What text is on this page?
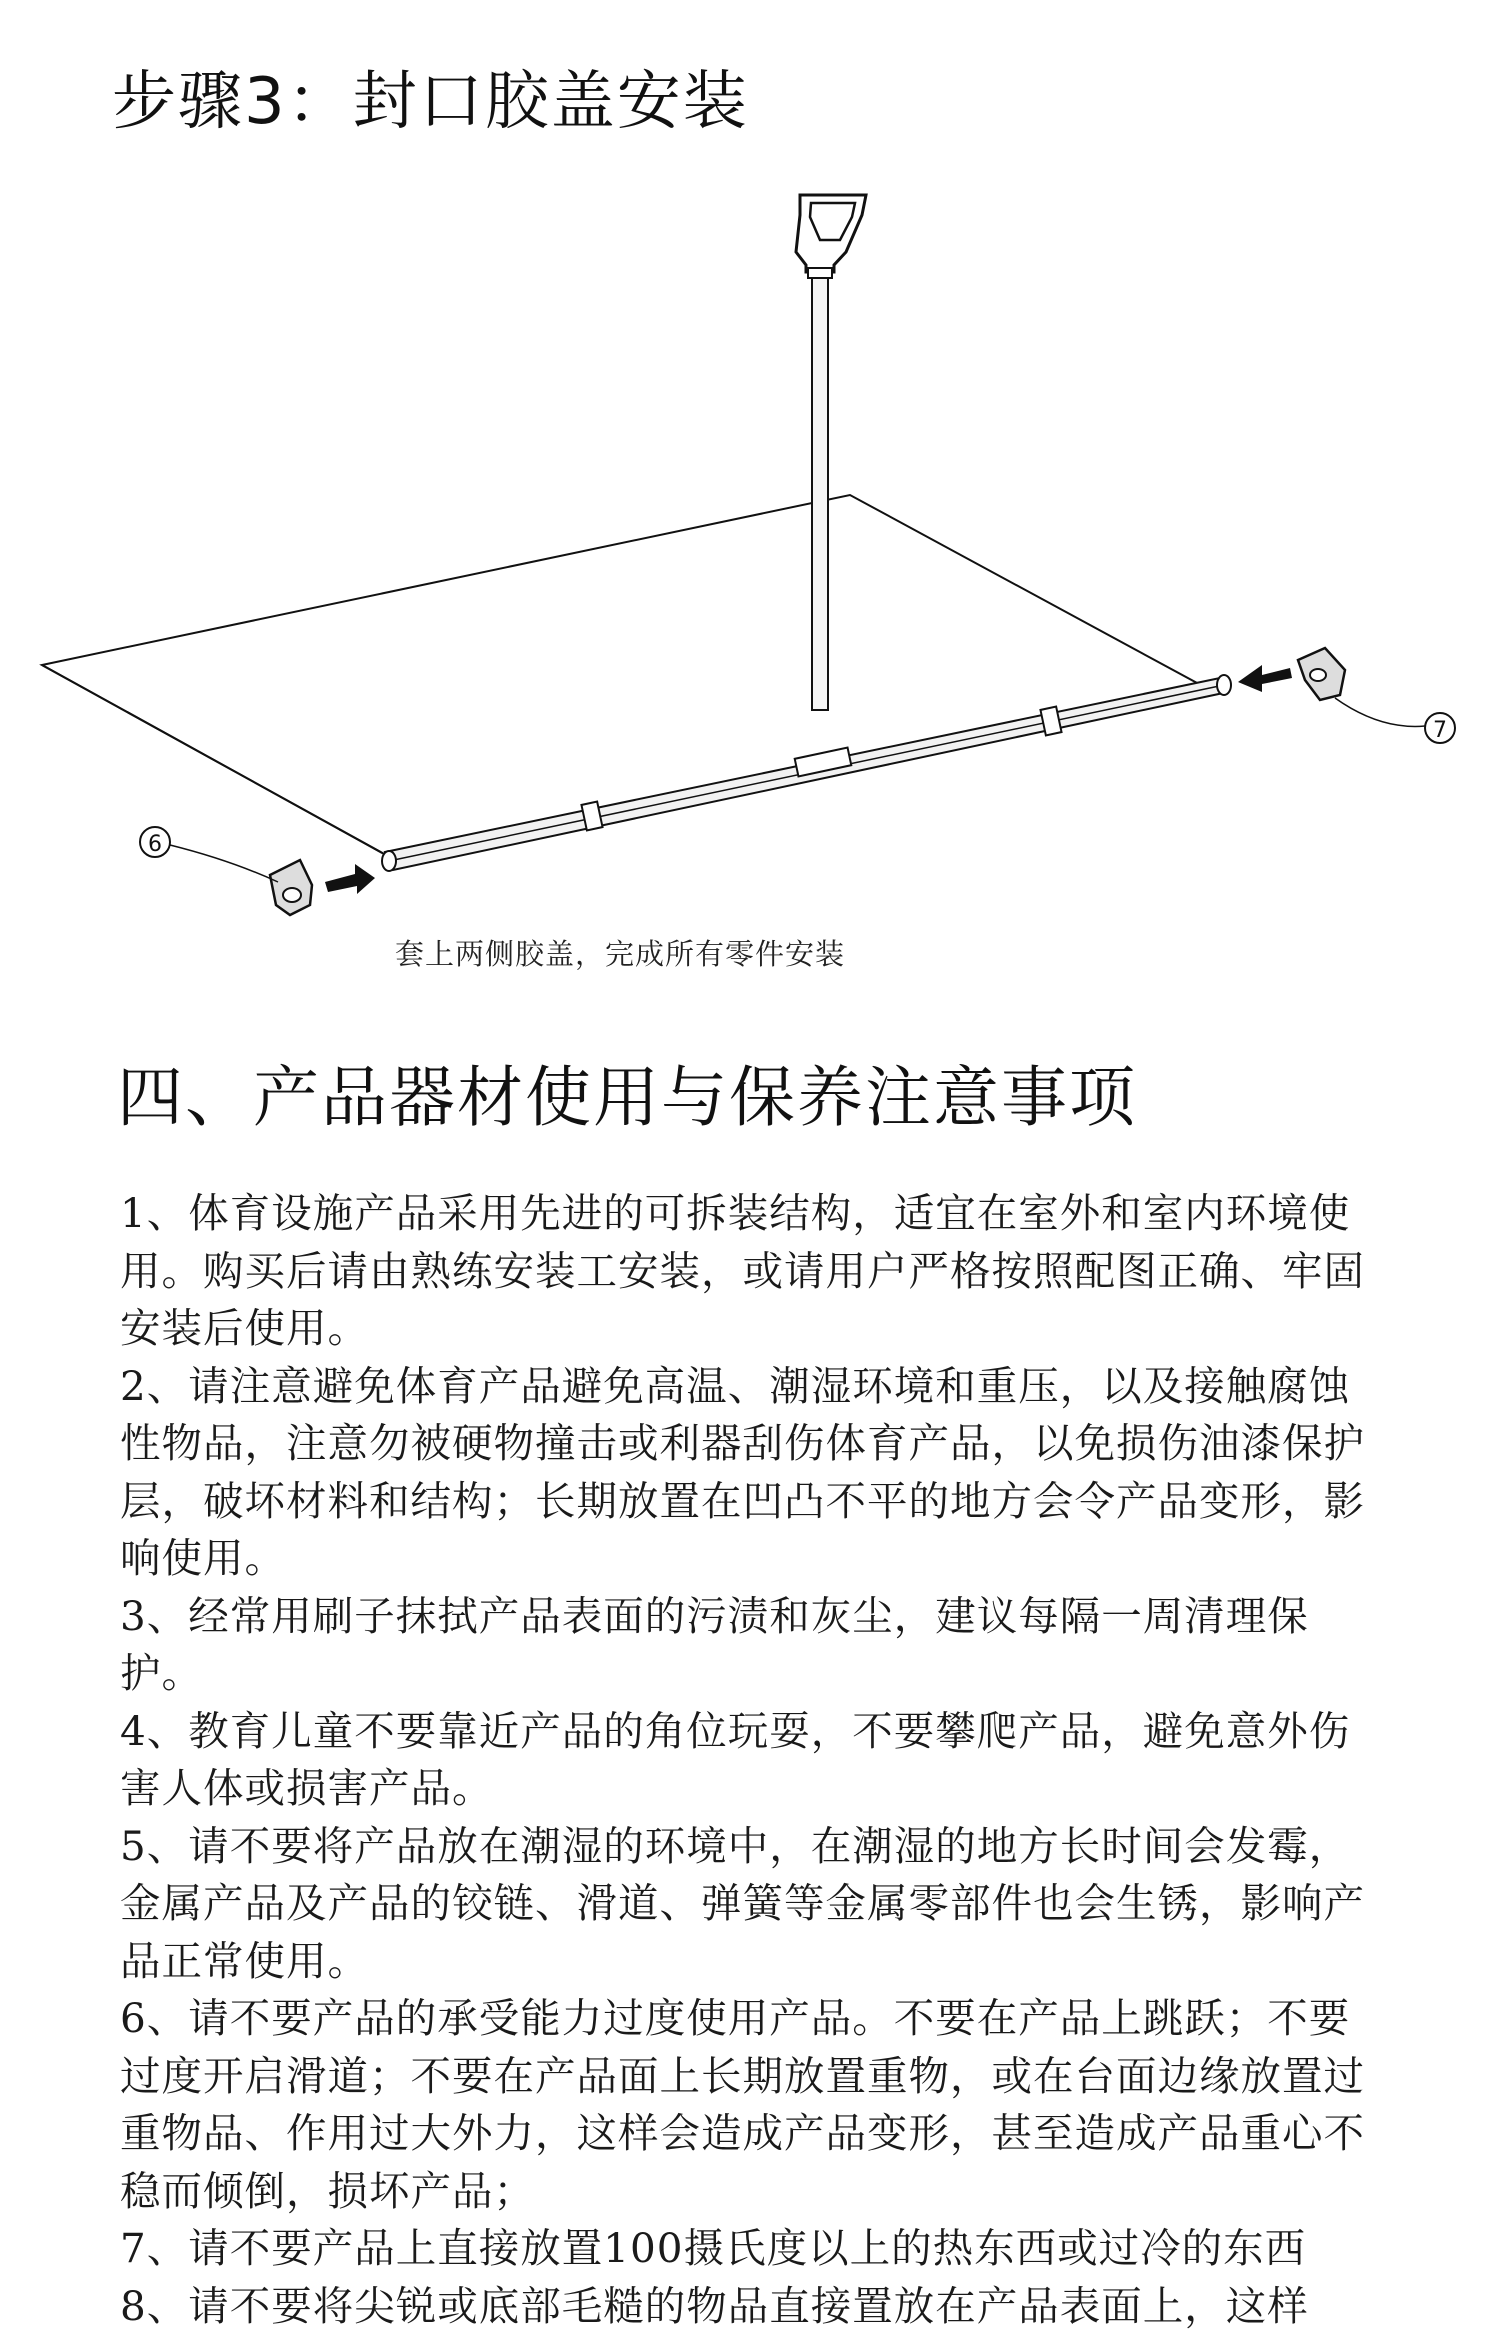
步骤3：封口胶盖安装
6
7

套上两侧胶盖，完成所有零件安装

四、产品器材使用与保养注意事项
1、体育设施产品采用先进的可拆装结构，适宜在室外和室内环境使用。购买后请由熟练安装工安装，或请用户严格按照配图正确、牢固安装后使用。
2、请注意避免体育产品避免高温、潮湿环境和重压，以及接触腐蚀性物品，注意勿被硬物撞击或利器刮伤体育产品，以免损伤油漆保护层，破坏材料和结构；长期放置在凹凸不平的地方会令产品变形，影响使用。
3、经常用刷子抹拭产品表面的污渍和灰尘，建议每隔一周清理保护。
4、教育儿童不要靠近产品的角位玩耍，不要攀爬产品，避免意外伤害人体或损害产品。
5、请不要将产品放在潮湿的环境中，在潮湿的地方长时间会发霉，金属产品及产品的铰链、滑道、弹簧等金属零部件也会生锈，影响产品正常使用。
6、请不要产品的承受能力过度使用产品。不要在产品上跳跃；不要过度开启滑道；不要在产品面上长期放置重物，或在台面边缘放置过重物品、作用过大外力，这样会造成产品变形，甚至造成产品重心不稳而倾倒，损坏产品；
7、请不要产品上直接放置100摄氏度以上的热东西或过冷的东西
8、请不要将尖锐或底部毛糙的物品直接置放在产品表面上，这样
